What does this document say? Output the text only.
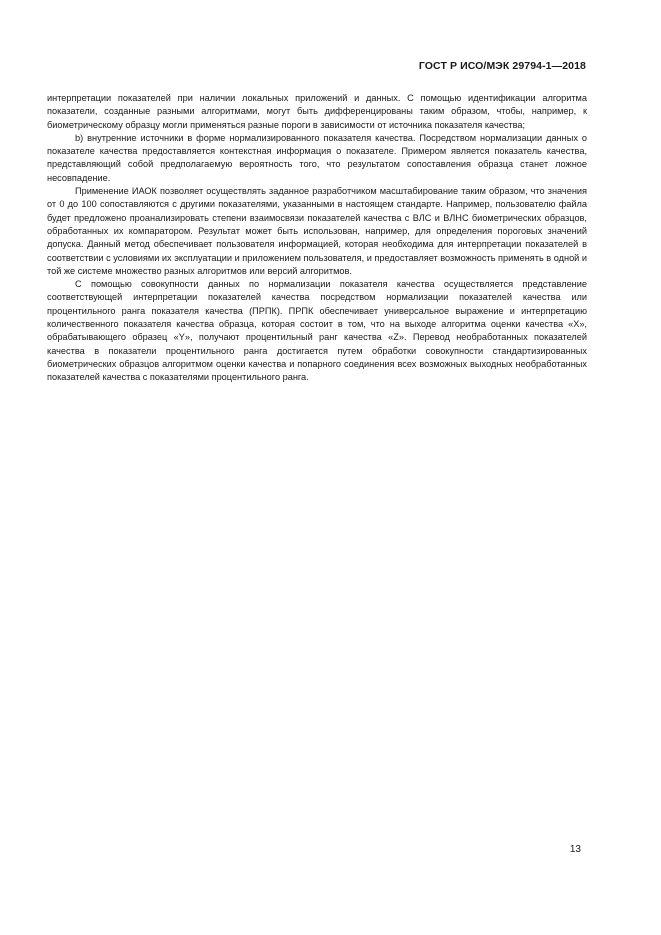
ГОСТ Р ИСО/МЭК 29794-1—2018

интерпретации показателей при наличии локальных приложений и данных. С помощью идентификации алгоритма показатели, созданные разными алгоритмами, могут быть дифференцированы таким образом, чтобы, например, к биометрическому образцу могли применяться разные пороги в зависимости от источника показателя качества;

b) внутренние источники в форме нормализированного показателя качества. Посредством нормализации данных о показателе качества предоставляется контекстная информация о показателе. Примером является показатель качества, представляющий собой предполагаемую вероятность того, что результатом сопоставления образца станет ложное несовпадение.

Применение ИАОК позволяет осуществлять заданное разработчиком масштабирование таким образом, что значения от 0 до 100 сопоставляются с другими показателями, указанными в настоящем стандарте. Например, пользователю файла будет предложено проанализировать степени взаимосвязи показателей качества с ВЛС и ВЛНС биометрических образцов, обработанных их компаратором. Результат может быть использован, например, для определения пороговых значений допуска. Данный метод обеспечивает пользователя информацией, которая необходима для интерпретации показателей в соответствии с условиями их эксплуатации и приложением пользователя, и предоставляет возможность применять в одной и той же системе множество разных алгоритмов или версий алгоритмов.

С помощью совокупности данных по нормализации показателя качества осуществляется представление соответствующей интерпретации показателей качества посредством нормализации показателей качества или процентильного ранга показателя качества (ПРПК). ПРПК обеспечивает универсальное выражение и интерпретацию количественного показателя качества образца, которая состоит в том, что на выходе алгоритма оценки качества «X», обрабатывающего образец «Y», получают процентильный ранг качества «Z». Перевод необработанных показателей качества в показатели процентильного ранга достигается путем обработки совокупности стандартизированных биометрических образцов алгоритмом оценки качества и попарного соединения всех возможных выходных необработанных показателей качества с показателями процентильного ранга.

13
